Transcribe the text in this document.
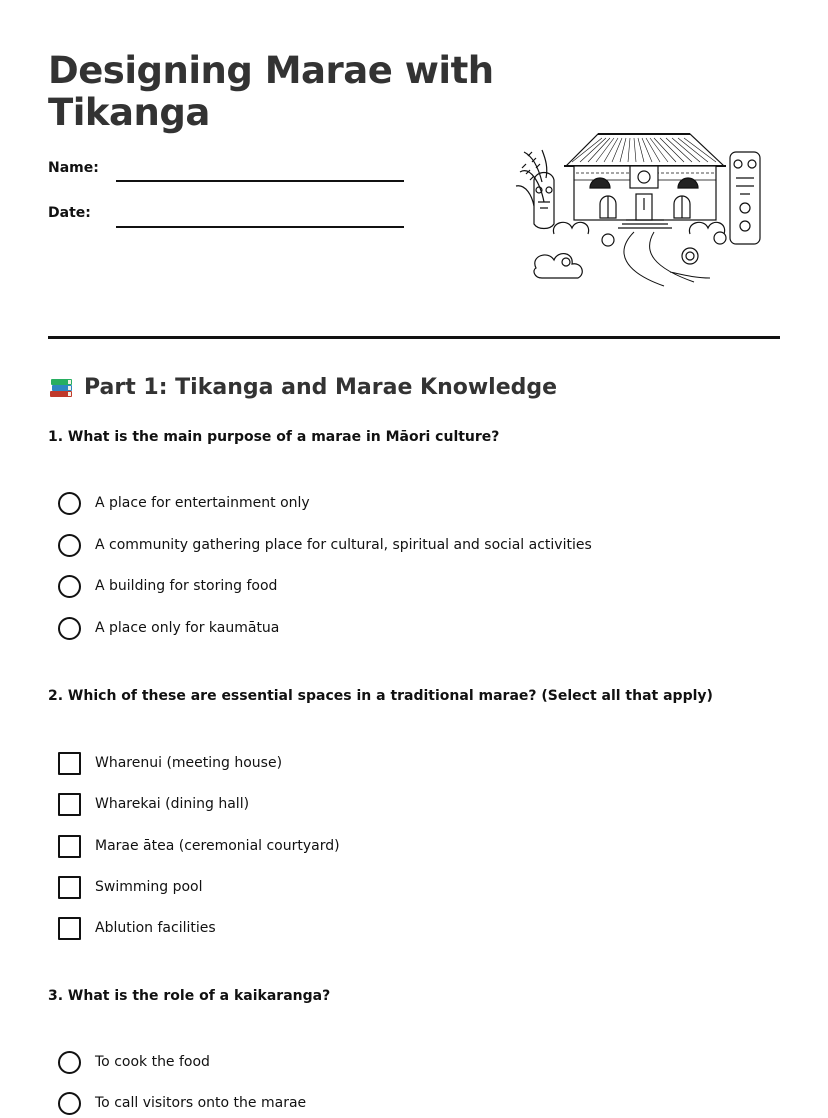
Designing Marae with Tikanga
Name:
Date:
Part 1: Tikanga and Marae Knowledge
1. What is the main purpose of a marae in Māori culture?
A place for entertainment only
A community gathering place for cultural, spiritual and social activities
A building for storing food
A place only for kaumātua
2. Which of these are essential spaces in a traditional marae? (Select all that apply)
Wharenui (meeting house)
Wharekai (dining hall)
Marae ātea (ceremonial courtyard)
Swimming pool
Ablution facilities
3. What is the role of a kaikaranga?
To cook the food
To call visitors onto the marae
